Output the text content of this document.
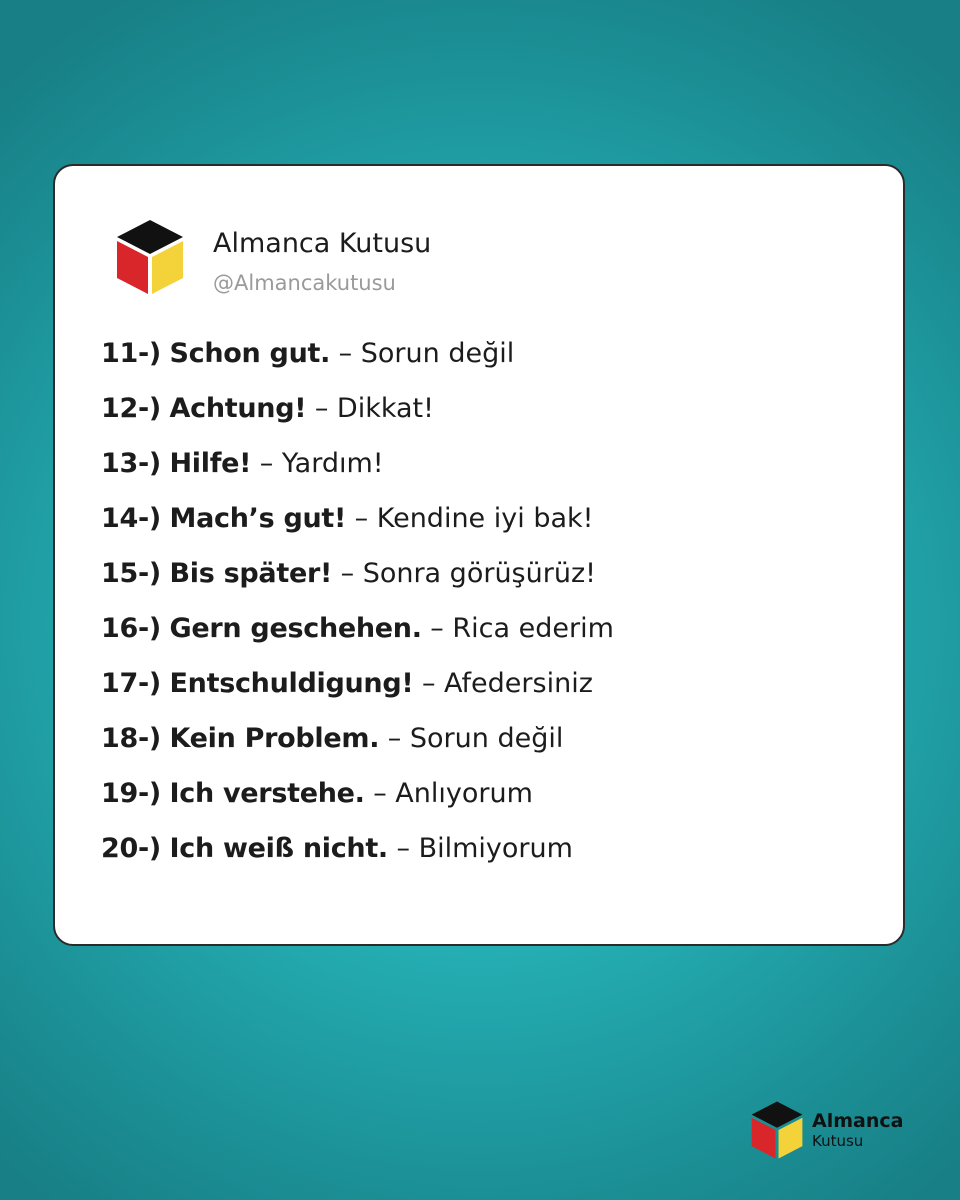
Almanca Kutusu
@Almancakutusu
11-) Schon gut. – Sorun değil
12-) Achtung! – Dikkat!
13-) Hilfe! – Yardım!
14-) Mach’s gut! – Kendine iyi bak!
15-) Bis später! – Sonra görüşürüz!
16-) Gern geschehen. – Rica ederim
17-) Entschuldigung! – Afedersiniz
18-) Kein Problem. – Sorun değil
19-) Ich verstehe. – Anlıyorum
20-) Ich weiß nicht. – Bilmiyorum
Almanca
Kutusu
